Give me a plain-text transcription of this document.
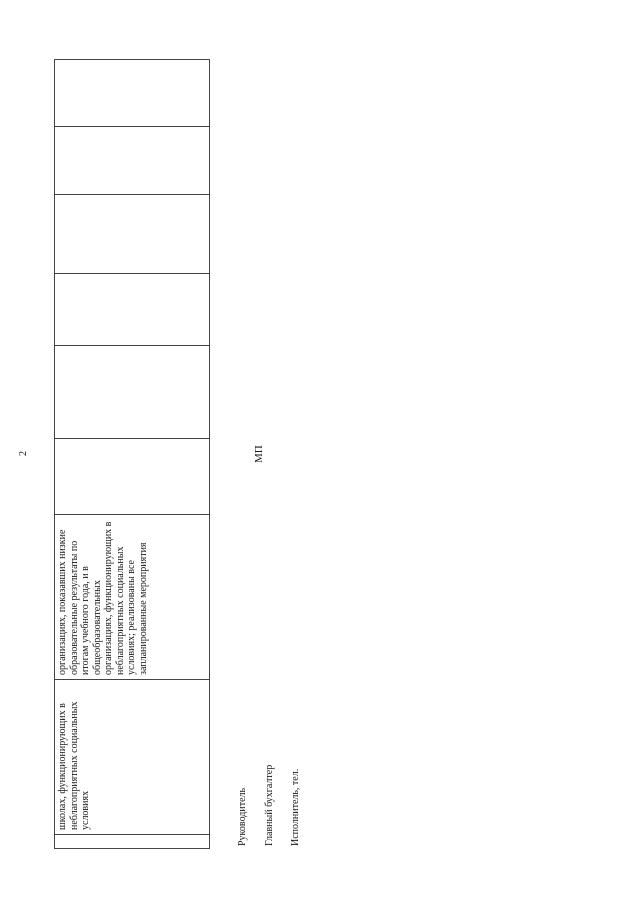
2
школах, функционирующих в неблагоприятных социальных условиях
организациях, показавших низкие образовательные результаты по итогам учебного года, и в общеобразовательных организациях, функционирующих в неблагоприятных социальных условиях; реализованы все запланированные мероприятия
МП
Руководитель Главный бухгалтер Исполнитель, тел.
